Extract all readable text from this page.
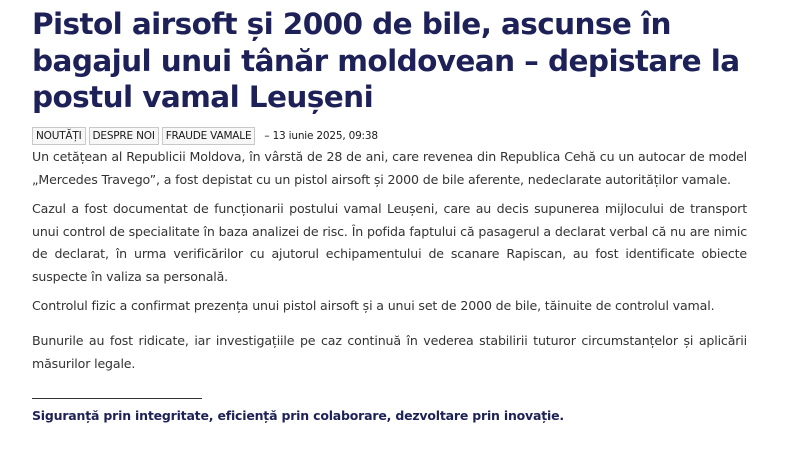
Pistol airsoft și 2000 de bile, ascunse în bagajul unui tânăr moldovean – depistare la postul vamal Leușeni
NOUTĂȚI	DESPRE NOI	FRAUDE VAMALE	– 13 iunie 2025, 09:38

Un cetățean al Republicii Moldova, în vârstă de 28 de ani, care revenea din Republica Cehă cu un autocar de model „Mercedes Travego”, a fost depistat cu un pistol airsoft și 2000 de bile aferente, nedeclarate autorităților vamale.

Cazul a fost documentat de funcționarii postului vamal Leușeni, care au decis supunerea mijlocului de transport unui control de specialitate în baza analizei de risc. În pofida faptului că pasagerul a declarat verbal că nu are nimic de declarat, în urma verificărilor cu ajutorul echipamentului de scanare Rapiscan, au fost identificate obiecte suspecte în valiza sa personală.

Controlul fizic a confirmat prezența unui pistol airsoft și a unui set de 2000 de bile, tăinuite de controlul vamal.

Bunurile au fost ridicate, iar investigațiile pe caz continuă în vederea stabilirii tuturor circumstanțelor și aplicării măsurilor legale.

Siguranță prin integritate, eficiență prin colaborare, dezvoltare prin inovație.
